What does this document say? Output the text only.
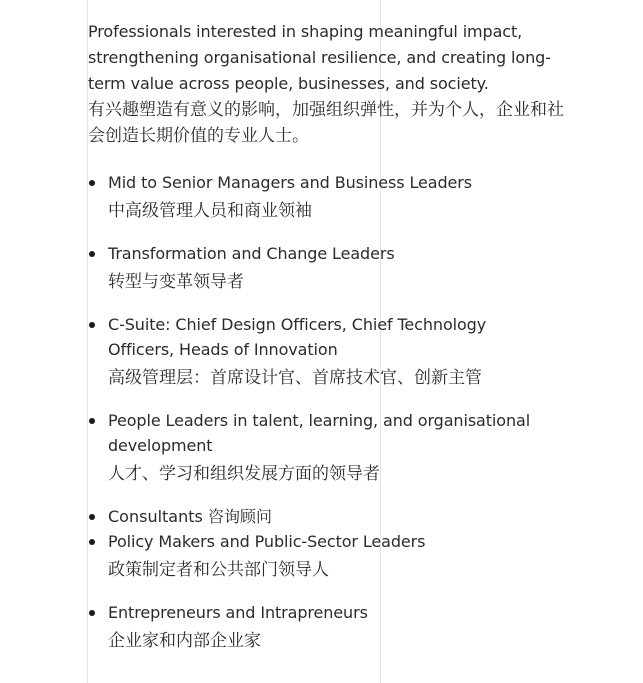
Professionals interested in shaping meaningful impact, strengthening organisational resilience, and creating long-term value across people, businesses, and society.

有兴趣塑造有意义的影响，加强组织弹性，并为个人，企业和社会创造长期价值的专业人士。

Mid to Senior Managers and Business Leaders
中高级管理人员和商业领袖
Transformation and Change Leaders
转型与变革领导者
C-Suite: Chief Design Officers, Chief Technology Officers, Heads of Innovation
高级管理层：首席设计官、首席技术官、创新主管
People Leaders in talent, learning, and organisational development
人才、学习和组织发展方面的领导者
Consultants 咨询顾问
Policy Makers and Public-Sector Leaders
政策制定者和公共部门领导人
Entrepreneurs and Intrapreneurs
企业家和内部企业家
